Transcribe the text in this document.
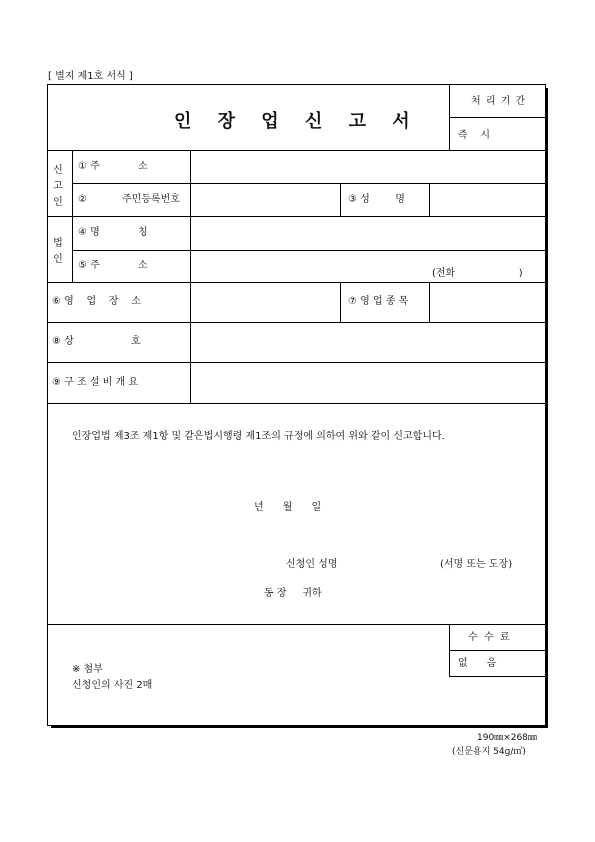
[ 별지 제1호 서식 ]
인 장 업 신 고 서
처 리 기 간
즉    시
신고인
① 주            소
②	주민등록번호	③ 성        명
법인
④ 명            칭
⑤ 주            소
(전화                    )
⑥ 영    업    장    소	⑦ 영 업 종 목
⑧ 상                  호
⑨ 구 조 설 비 개 요
인장업법 제3조 제1항 및 같은법시행령 제1조의 규정에 의하여 위와 같이 신고합니다.
년      월      일
신청인 성명	(서명 또는 도장)
동 장     귀하
※ 첨부
신청인의 사진 2매
수  수  료
없      음
190㎜×268㎜
(신문용지 54g/㎡)
